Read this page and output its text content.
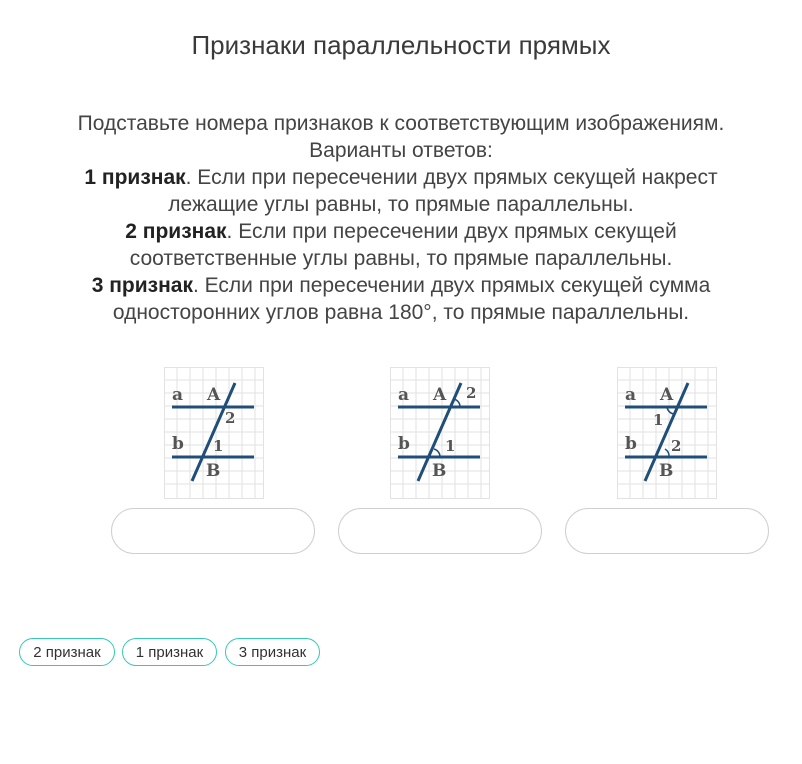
Признаки параллельности прямых
Подставьте номера признаков к соответствующим изображениям.
Варианты ответов:
1 признак. Если при пересечении двух прямых секущей накрест лежащие углы равны, то прямые параллельны.
2 признак. Если при пересечении двух прямых секущей соответственные углы равны, то прямые параллельны.
3 признак. Если при пересечении двух прямых секущей сумма односторонних углов равна 180°, то прямые параллельны.
a A
2
b 1
B
a A 2
b 1
B
a A
1
b 2
B
2 признак	1 признак	3 признак
